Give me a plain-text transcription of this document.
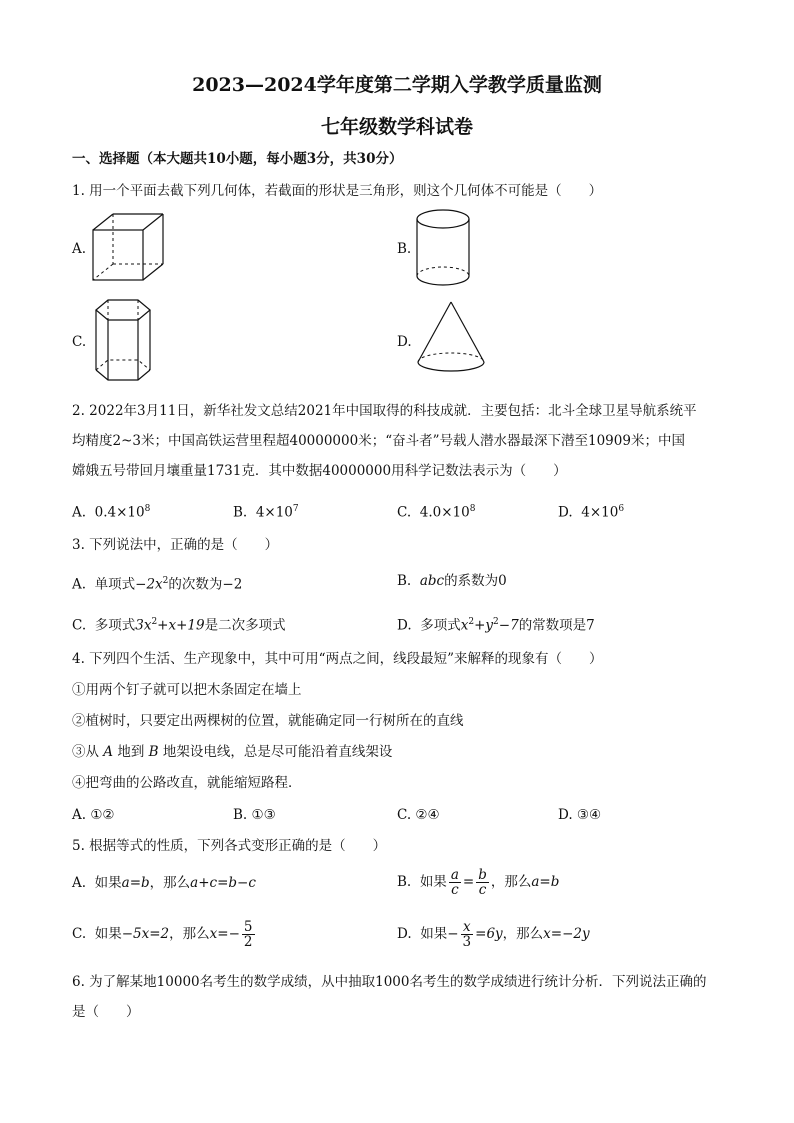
2023—2024学年度第二学期入学教学质量监测
七年级数学科试卷
一、选择题（本大题共10小题，每小题3分，共30分）
1. 用一个平面去截下列几何体，若截面的形状是三角形，则这个几何体不可能是（　　）
A.	B.
C.	D.
2. 2022年3月11日，新华社发文总结2021年中国取得的科技成就．主要包括：北斗全球卫星导航系统平
均精度2~3米；中国高铁运营里程超40000000米；“奋斗者”号载人潜水器最深下潜至10909米；中国
嫦娥五号带回月壤重量1731克．其中数据40000000用科学记数法表示为（　　）
A. $0.4\times 10^8$	B. $4\times 10^7$	C. $4.0\times 10^8$	D. $4\times 10^6$
3. 下列说法中，正确的是（　　）
A. 单项式$-2x^2$的次数为−2	B. abc的系数为0
C. 多项式$3x^2+x+19$是二次多项式	D. 多项式$x^2+y^2-7$的常数项是7
4. 下列四个生活、生产现象中，其中可用“两点之间，线段最短”来解释的现象有（　　）
①用两个钉子就可以把木条固定在墙上
②植树时，只要定出两棵树的位置，就能确定同一行树所在的直线
③从 A 地到 B 地架设电线，总是尽可能沿着直线架设
④把弯曲的公路改直，就能缩短路程．
A. ①②	B. ①③	C. ②④	D. ③④
5. 根据等式的性质，下列各式变形正确的是（　　）
A. 如果a=b，那么a+c=b−c	B. 如果 $\frac{a}{c} = \frac{b}{c}$ ，那么a=b
C. 如果−5x=2，那么$x=- \frac{5}{2}$	D. 如果− $\frac{x}{3} =6y$，那么x=−2y
6. 为了解某地10000名考生的数学成绩，从中抽取1000名考生的数学成绩进行统计分析．下列说法正确的
是（　　）
